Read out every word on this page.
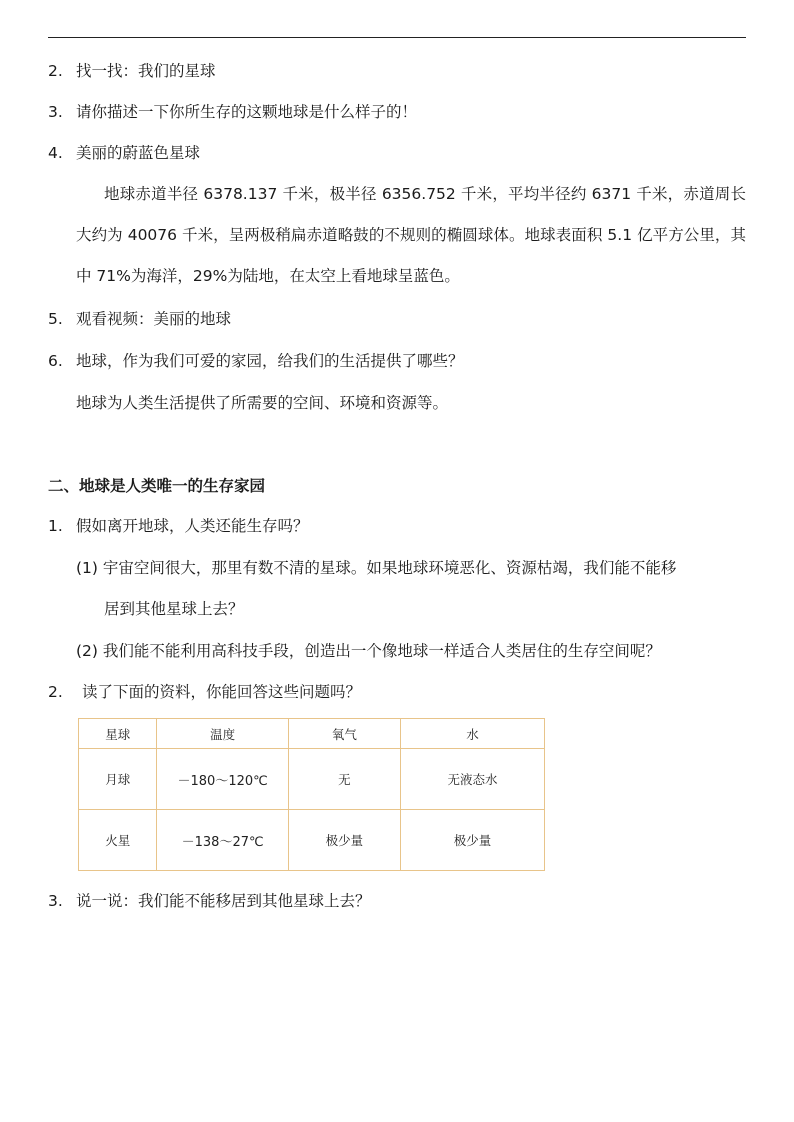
2. 找一找：我们的星球
3. 请你描述一下你所生存的这颗地球是什么样子的！
4. 美丽的蔚蓝色星球
地球赤道半径 6378.137 千米，极半径 6356.752 千米，平均半径约 6371 千米，赤道周长大约为 40076 千米，呈两极稍扁赤道略鼓的不规则的椭圆球体。地球表面积 5.1 亿平方公里，其中 71%为海洋，29%为陆地，在太空上看地球呈蓝色。
5. 观看视频：美丽的地球
6. 地球，作为我们可爱的家园，给我们的生活提供了哪些？
地球为人类生活提供了所需要的空间、环境和资源等。
二、地球是人类唯一的生存家园
1. 假如离开地球，人类还能生存吗？
(1) 宇宙空间很大，那里有数不清的星球。如果地球环境恶化、资源枯竭，我们能不能移
居到其他星球上去？
(2) 我们能不能利用高科技手段，创造出一个像地球一样适合人类居住的生存空间呢？
2.	读了下面的资料，你能回答这些问题吗？
星球	温度	氧气	水
月球	－180～120℃	无	无液态水
火星	－138～27℃	极少量	极少量
3. 说一说：我们能不能移居到其他星球上去？
